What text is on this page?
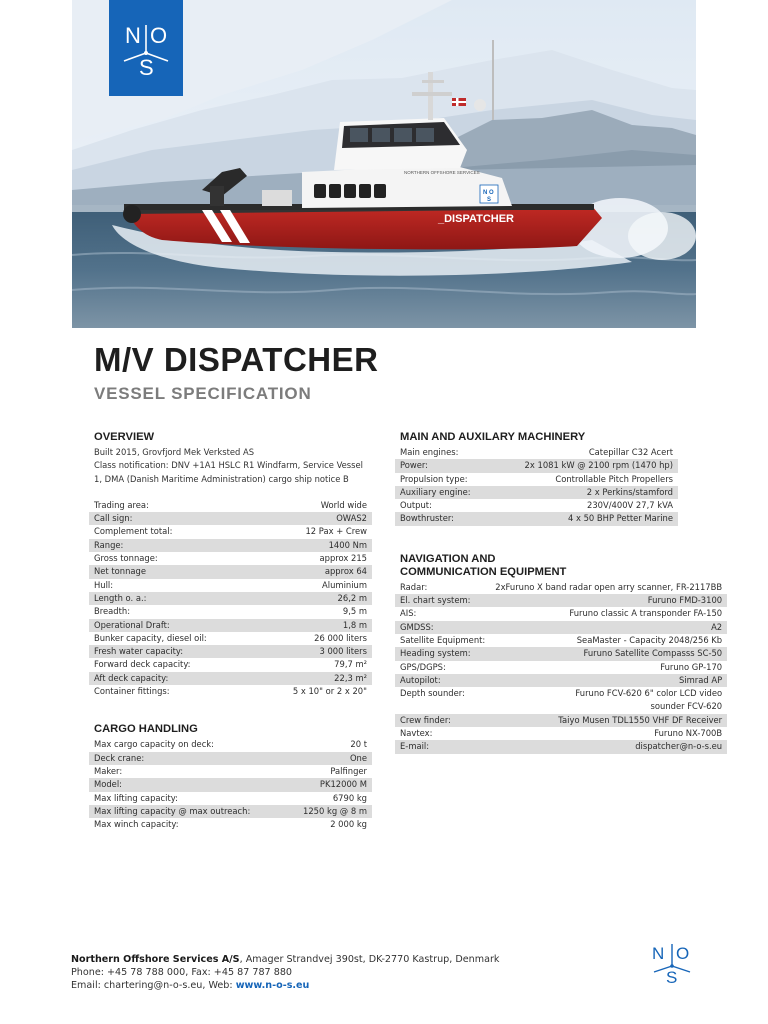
NORTHERN OFFSHORE SERVICES
N O
S
_DISPATCHER
N O
S
M/V DISPATCHER
VESSEL SPECIFICATION
OVERVIEW

Built 2015, Grovfjord Mek Verksted AS
Class notification: DNV +1A1 HSLC R1 Windfarm, Service Vessel
1, DMA (Danish Maritime Administration) cargo ship notice B

Trading area:	World wide
Call sign:	OWAS2
Complement total:	12 Pax + Crew
Range:	1400 Nm
Gross tonnage:	approx 215
Net tonnage	approx 64
Hull:	Aluminium
Length o. a.:	26,2 m
Breadth:	9,5 m
Operational Draft:	1,8 m
Bunker capacity, diesel oil:	26 000 liters
Fresh water capacity:	3 000 liters
Forward deck capacity:	79,7 m²
Aft deck capacity:	22,3 m²
Container fittings:	5 x 10" or 2 x 20"
CARGO HANDLING
Max cargo capacity on deck:	20 t
Deck crane:	One
Maker:	Palfinger
Model:	PK12000 M
Max lifting capacity:	6790 kg
Max lifting capacity @ max outreach:	1250 kg @ 8 m
Max winch capacity:	2 000 kg
MAIN AND AUXILARY MACHINERY
Main engines:	Catepillar C32 Acert
Power:	2x 1081 kW @ 2100 rpm (1470 hp)
Propulsion type:	Controllable Pitch Propellers
Auxiliary engine:	2 x Perkins/stamford
Output:	230V/400V 27,7 kVA
Bowthruster:	4 x 50 BHP Petter Marine
NAVIGATION AND
COMMUNICATION EQUIPMENT
Radar:	2xFuruno X band radar open arry scanner, FR-2117BB
El. chart system:	Furuno FMD-3100
AIS:	Furuno classic A transponder FA-150
GMDSS:	A2
Satellite Equipment:	SeaMaster - Capacity 2048/256 Kb
Heading system:	Furuno Satellite Compasss SC-50
GPS/DGPS:	Furuno GP-170
Autopilot:	Simrad AP
Depth sounder:	Furuno FCV-620 6" color LCD video sounder FCV-620
Crew finder:	Taiyo Musen TDL1550 VHF DF Receiver
Navtex:	Furuno NX-700B
E-mail:	dispatcher@n-o-s.eu
Northern Offshore Services A/S, Amager Strandvej 390st, DK-2770 Kastrup, Denmark
Phone: +45 78 788 000, Fax: +45 87 787 880
Email: chartering@n-o-s.eu, Web: www.n-o-s.eu
N O
S
